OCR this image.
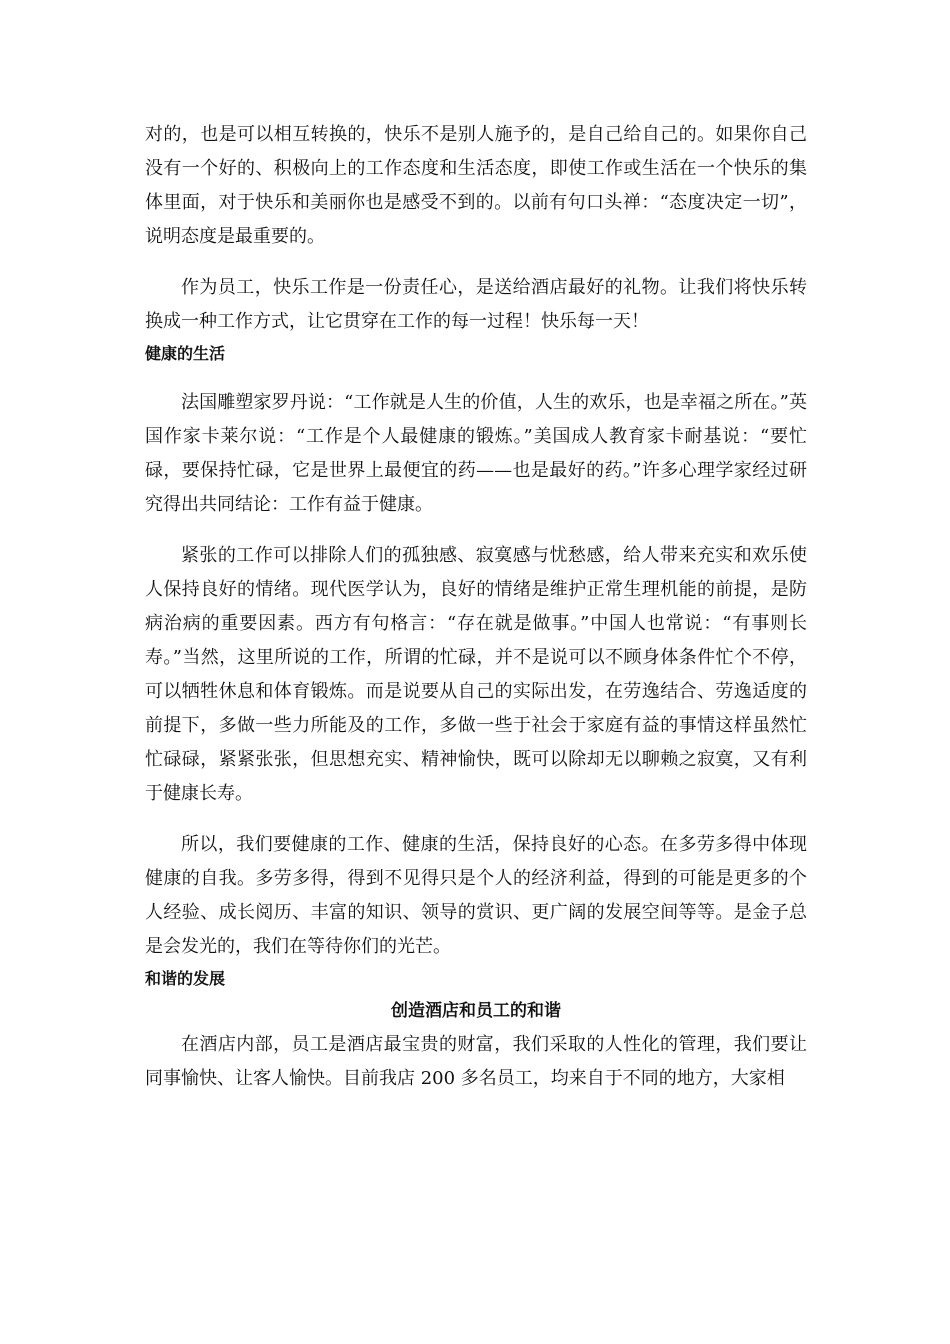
对的，也是可以相互转换的，快乐不是别人施予的，是自己给自己的。如果你自己没有一个好的、积极向上的工作态度和生活态度，即使工作或生活在一个快乐的集体里面，对于快乐和美丽你也是感受不到的。以前有句口头禅：“态度决定一切”，说明态度是最重要的。

作为员工，快乐工作是一份责任心，是送给酒店最好的礼物。让我们将快乐转换成一种工作方式，让它贯穿在工作的每一过程！快乐每一天！

健康的生活

法国雕塑家罗丹说：“工作就是人生的价值，人生的欢乐，也是幸福之所在。”英国作家卡莱尔说：“工作是个人最健康的锻炼。”美国成人教育家卡耐基说：“要忙碌，要保持忙碌，它是世界上最便宜的药——也是最好的药。”许多心理学家经过研究得出共同结论：工作有益于健康。

紧张的工作可以排除人们的孤独感、寂寞感与忧愁感，给人带来充实和欢乐使人保持良好的情绪。现代医学认为，良好的情绪是维护正常生理机能的前提，是防病治病的重要因素。西方有句格言：“存在就是做事。”中国人也常说：“有事则长寿。”当然，这里所说的工作，所谓的忙碌，并不是说可以不顾身体条件忙个不停，可以牺牲休息和体育锻炼。而是说要从自己的实际出发，在劳逸结合、劳逸适度的前提下，多做一些力所能及的工作，多做一些于社会于家庭有益的事情这样虽然忙忙碌碌，紧紧张张，但思想充实、精神愉快，既可以除却无以聊赖之寂寞，又有利于健康长寿。

所以，我们要健康的工作、健康的生活，保持良好的心态。在多劳多得中体现健康的自我。多劳多得，得到不见得只是个人的经济利益，得到的可能是更多的个人经验、成长阅历、丰富的知识、领导的赏识、更广阔的发展空间等等。是金子总是会发光的，我们在等待你们的光芒。

和谐的发展

创造酒店和员工的和谐

在酒店内部，员工是酒店最宝贵的财富，我们采取的人性化的管理，我们要让同事愉快、让客人愉快。目前我店 200 多名员工，均来自于不同的地方，大家相
